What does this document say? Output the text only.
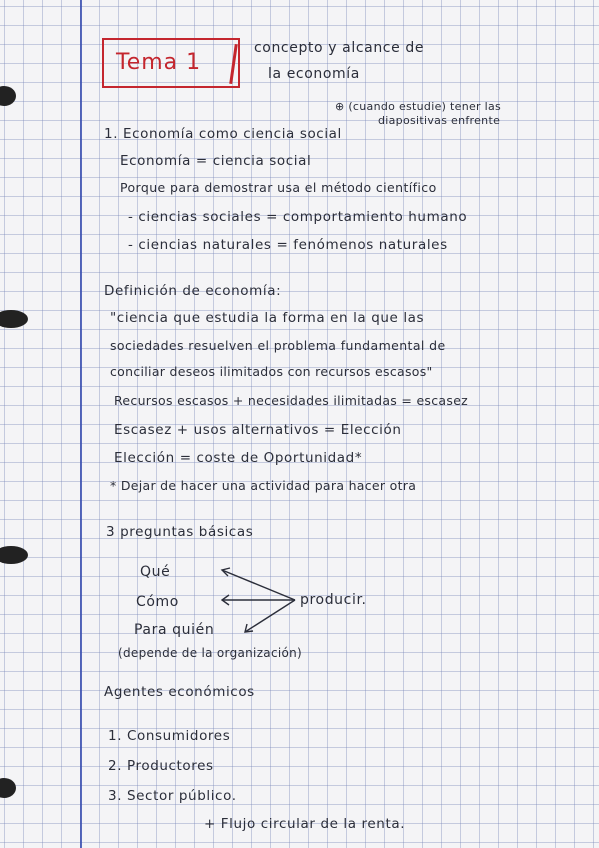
Tema 1
concepto y alcance de
la economía
⊕ (cuando estudie) tener las
diapositivas enfrente
1. Economía como ciencia social
Economía = ciencia social
Porque para demostrar usa el método científico
- ciencias sociales = comportamiento humano
- ciencias naturales = fenómenos naturales
Definición de economía:
"ciencia que estudia la forma en la que las
sociedades resuelven el problema fundamental de
conciliar deseos ilimitados con recursos escasos"
Recursos escasos + necesidades ilimitadas = escasez
Escasez + usos alternativos = Elección
Elección = coste de Oportunidad*
* Dejar de hacer una actividad para hacer otra
3 preguntas básicas
Qué
Cómo
Para quién
producir.
(depende de la organización)
Agentes económicos
1. Consumidores
2. Productores
3. Sector público.
+ Flujo circular de la renta.
